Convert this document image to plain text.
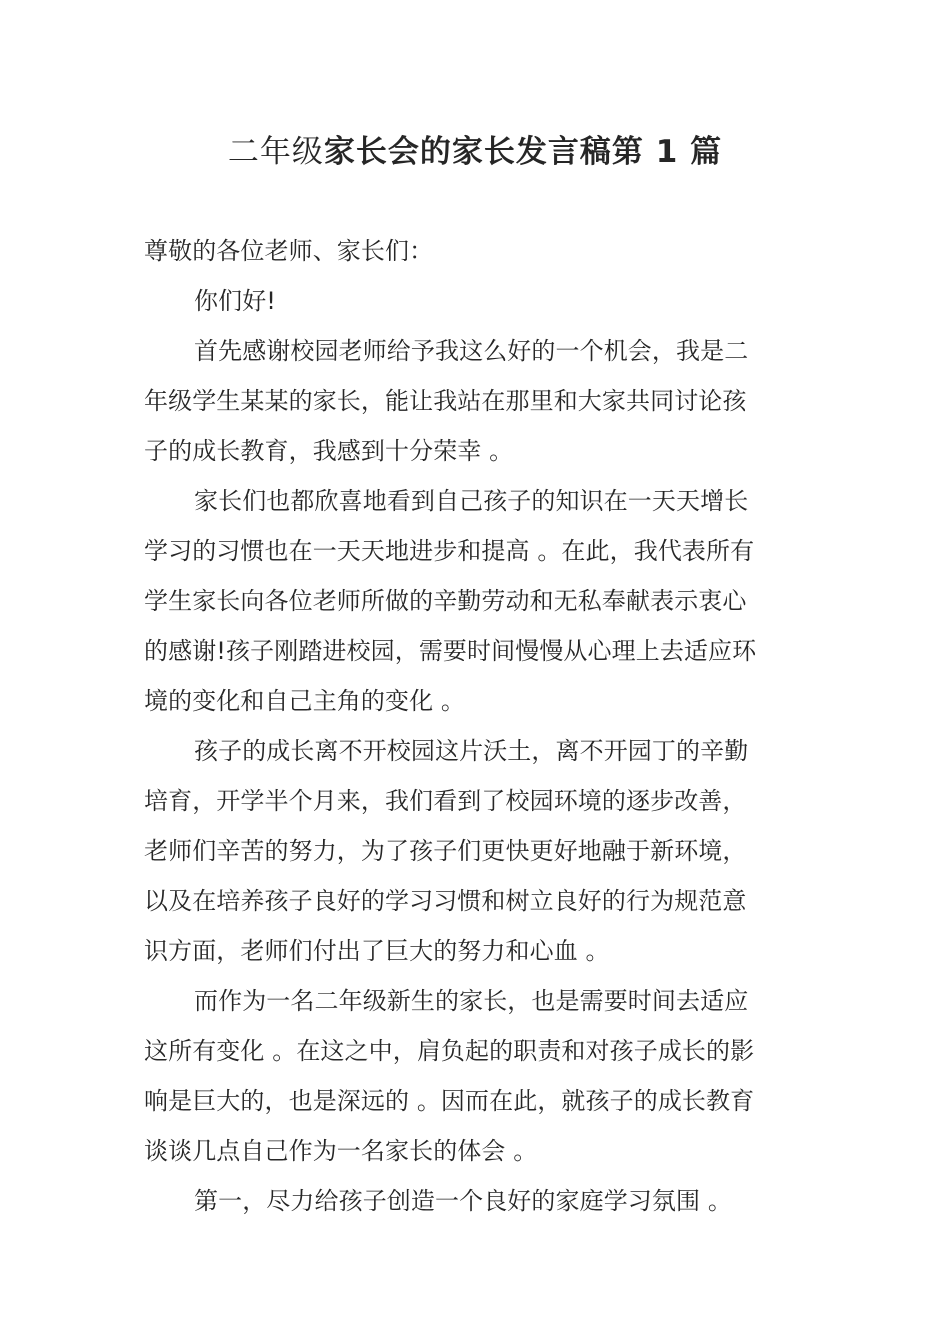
二年级家长会的家长发言稿第 1 篇
尊敬的各位老师、家长们：
你们好!
首先感谢校园老师给予我这么好的一个机会，我是二
年级学生某某的家长，能让我站在那里和大家共同讨论孩
子的成长教育，我感到十分荣幸 。
家长们也都欣喜地看到自己孩子的知识在一天天增长
学习的习惯也在一天天地进步和提高 。在此，我代表所有
学生家长向各位老师所做的辛勤劳动和无私奉献表示衷心
的感谢!孩子刚踏进校园，需要时间慢慢从心理上去适应环
境的变化和自己主角的变化 。
孩子的成长离不开校园这片沃土，离不开园丁的辛勤
培育，开学半个月来，我们看到了校园环境的逐步改善，
老师们辛苦的努力，为了孩子们更快更好地融于新环境，
以及在培养孩子良好的学习习惯和树立良好的行为规范意
识方面，老师们付出了巨大的努力和心血 。
而作为一名二年级新生的家长，也是需要时间去适应
这所有变化 。在这之中，肩负起的职责和对孩子成长的影
响是巨大的，也是深远的 。因而在此，就孩子的成长教育
谈谈几点自己作为一名家长的体会 。
第一，尽力给孩子创造一个良好的家庭学习氛围 。
